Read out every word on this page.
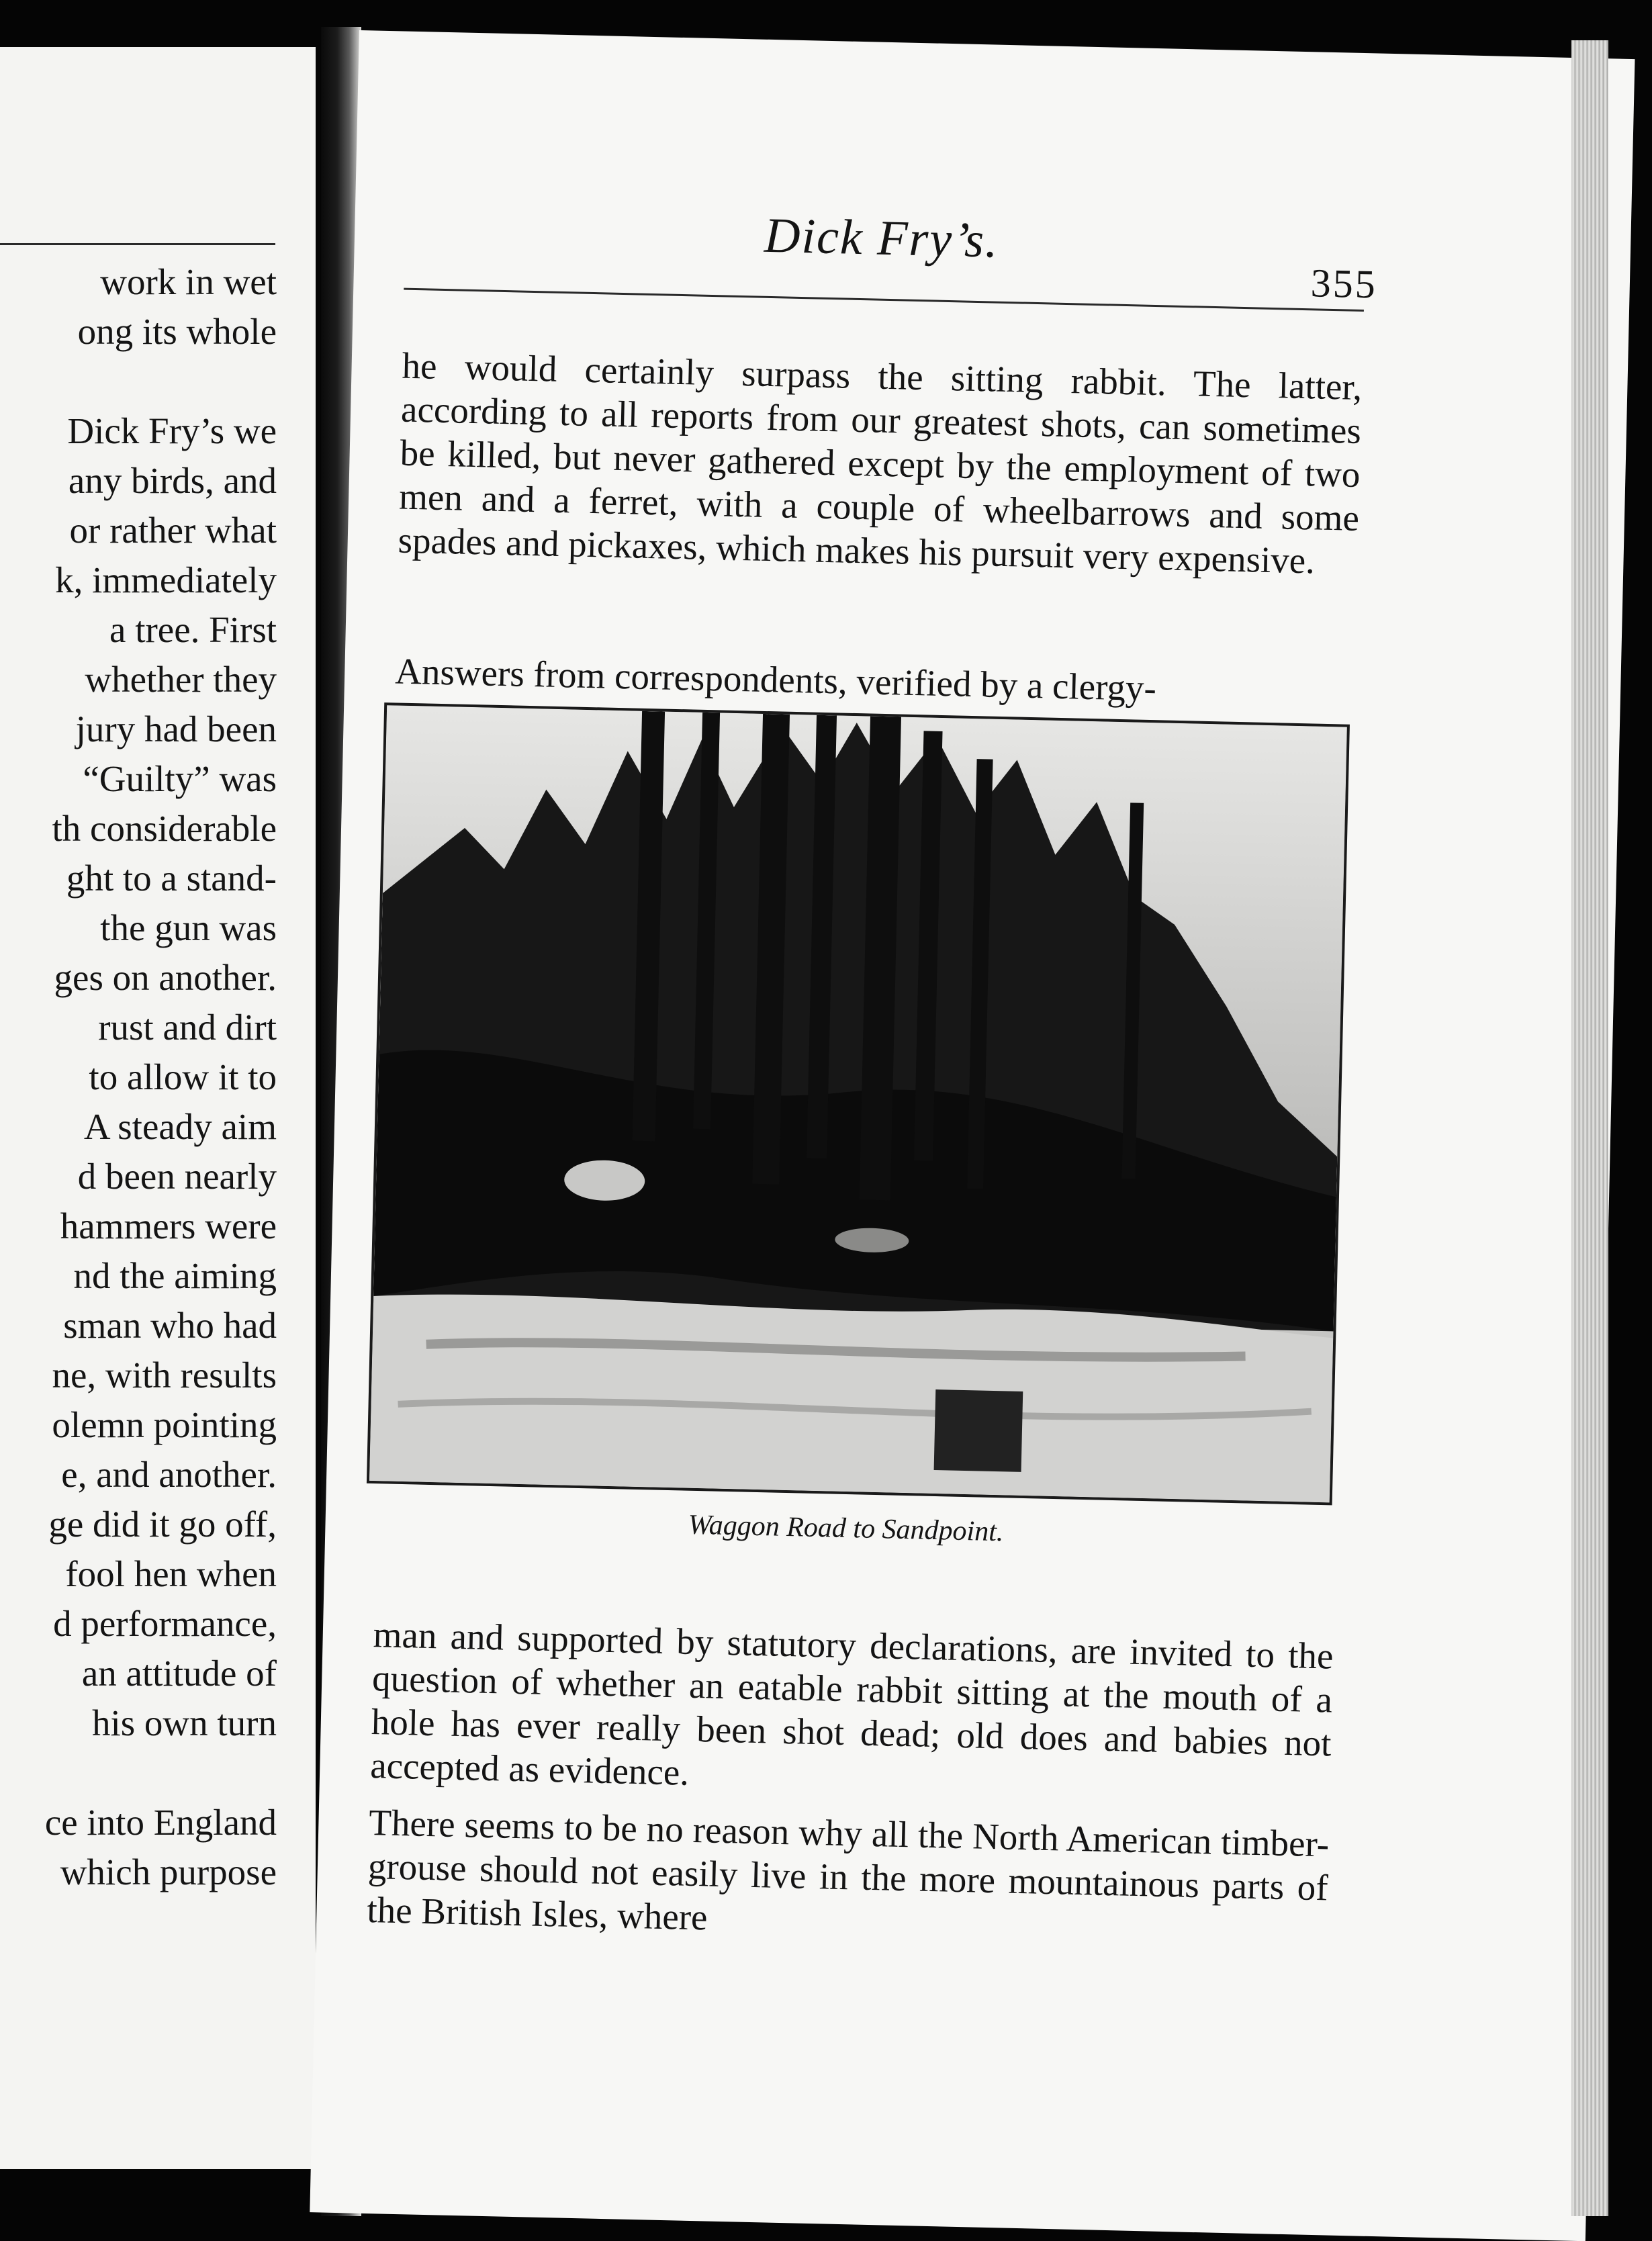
work in wet
ong its whole
Dick Fry’s we
any birds, and
or rather what
k, immediately
a tree. First
whether they
jury had been
“Guilty” was
th considerable
ght to a stand-
the gun was
ges on another.
rust and dirt
to allow it to
A steady aim
d been nearly
hammers were
nd the aiming
sman who had
ne, with results
olemn pointing
e, and another.
ge did it go off,
fool hen when
d performance,
an attitude of
his own turn
ce into England
which purpose
Dick Fry’s.
355

he would certainly surpass the sitting rabbit. The latter, according to all reports from our greatest shots, can sometimes be killed, but never gathered except by the employment of two men and a ferret, with a couple of wheelbarrows and some spades and pickaxes, which makes his pursuit very expensive.

Answers from correspondents, verified by a clergy-

Waggon Road to Sandpoint.

man and supported by statutory declarations, are invited to the question of whether an eatable rabbit sitting at the mouth of a hole has ever really been shot dead; old does and babies not accepted as evidence.

There seems to be no reason why all the North American timber-grouse should not easily live in the more mountainous parts of the British Isles, where
